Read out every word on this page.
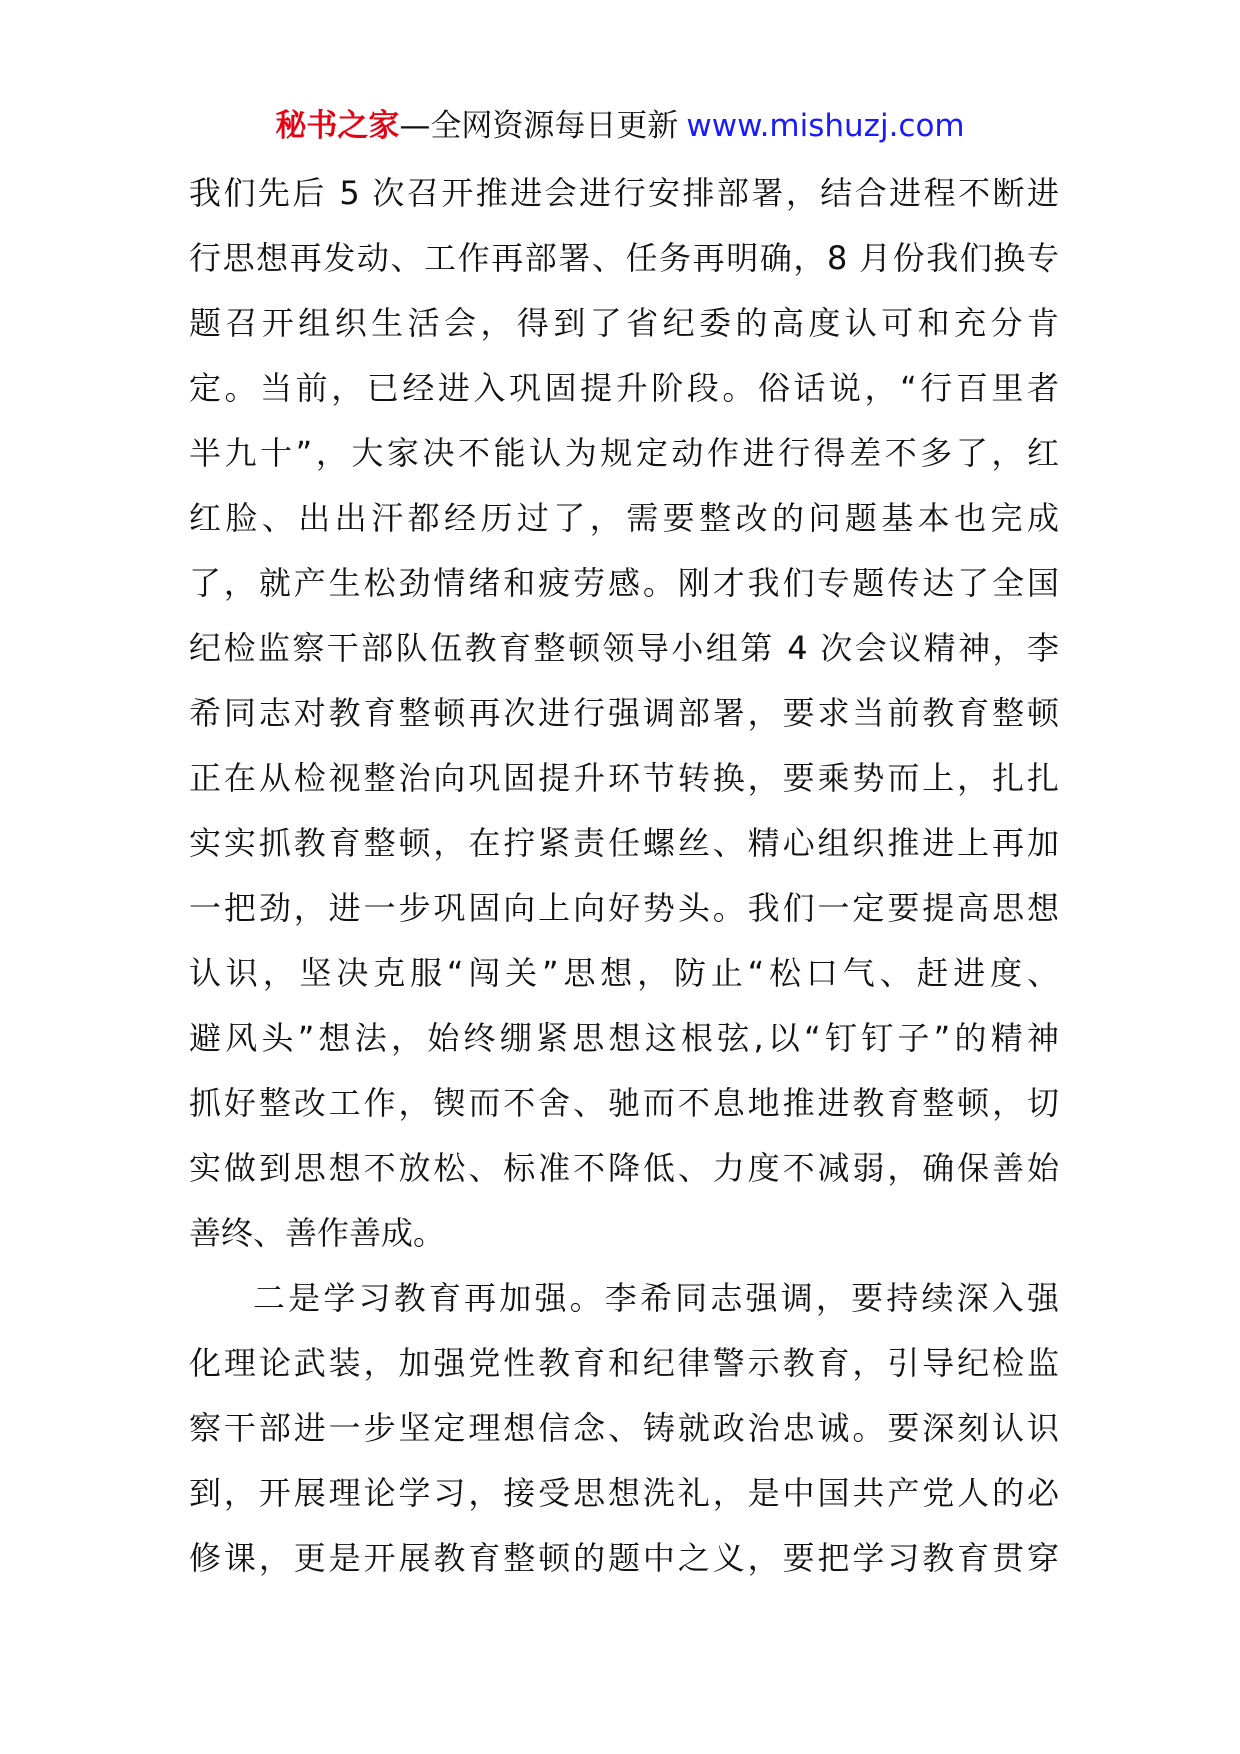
秘书之家—全网资源每日更新 www.mishuzj.com
我们先后 5 次召开推进会进行安排部署，结合进程不断进
行思想再发动、工作再部署、任务再明确，8 月份我们换专
题召开组织生活会，得到了省纪委的高度认可和充分肯
定。当前，已经进入巩固提升阶段。俗话说，“行百里者
半九十”，大家决不能认为规定动作进行得差不多了，红
红脸、出出汗都经历过了，需要整改的问题基本也完成
了，就产生松劲情绪和疲劳感。刚才我们专题传达了全国
纪检监察干部队伍教育整顿领导小组第 4 次会议精神，李
希同志对教育整顿再次进行强调部署，要求当前教育整顿
正在从检视整治向巩固提升环节转换，要乘势而上，扎扎
实实抓教育整顿，在拧紧责任螺丝、精心组织推进上再加
一把劲，进一步巩固向上向好势头。我们一定要提高思想
认识，坚决克服“闯关”思想，防止“松口气、赶进度、
避风头”想法，始终绷紧思想这根弦,以“钉钉子”的精神
抓好整改工作，锲而不舍、驰而不息地推进教育整顿，切
实做到思想不放松、标准不降低、力度不减弱，确保善始
善终、善作善成。
二是学习教育再加强。李希同志强调，要持续深入强
化理论武装，加强党性教育和纪律警示教育，引导纪检监
察干部进一步坚定理想信念、铸就政治忠诚。要深刻认识
到，开展理论学习，接受思想洗礼，是中国共产党人的必
修课，更是开展教育整顿的题中之义，要把学习教育贯穿
